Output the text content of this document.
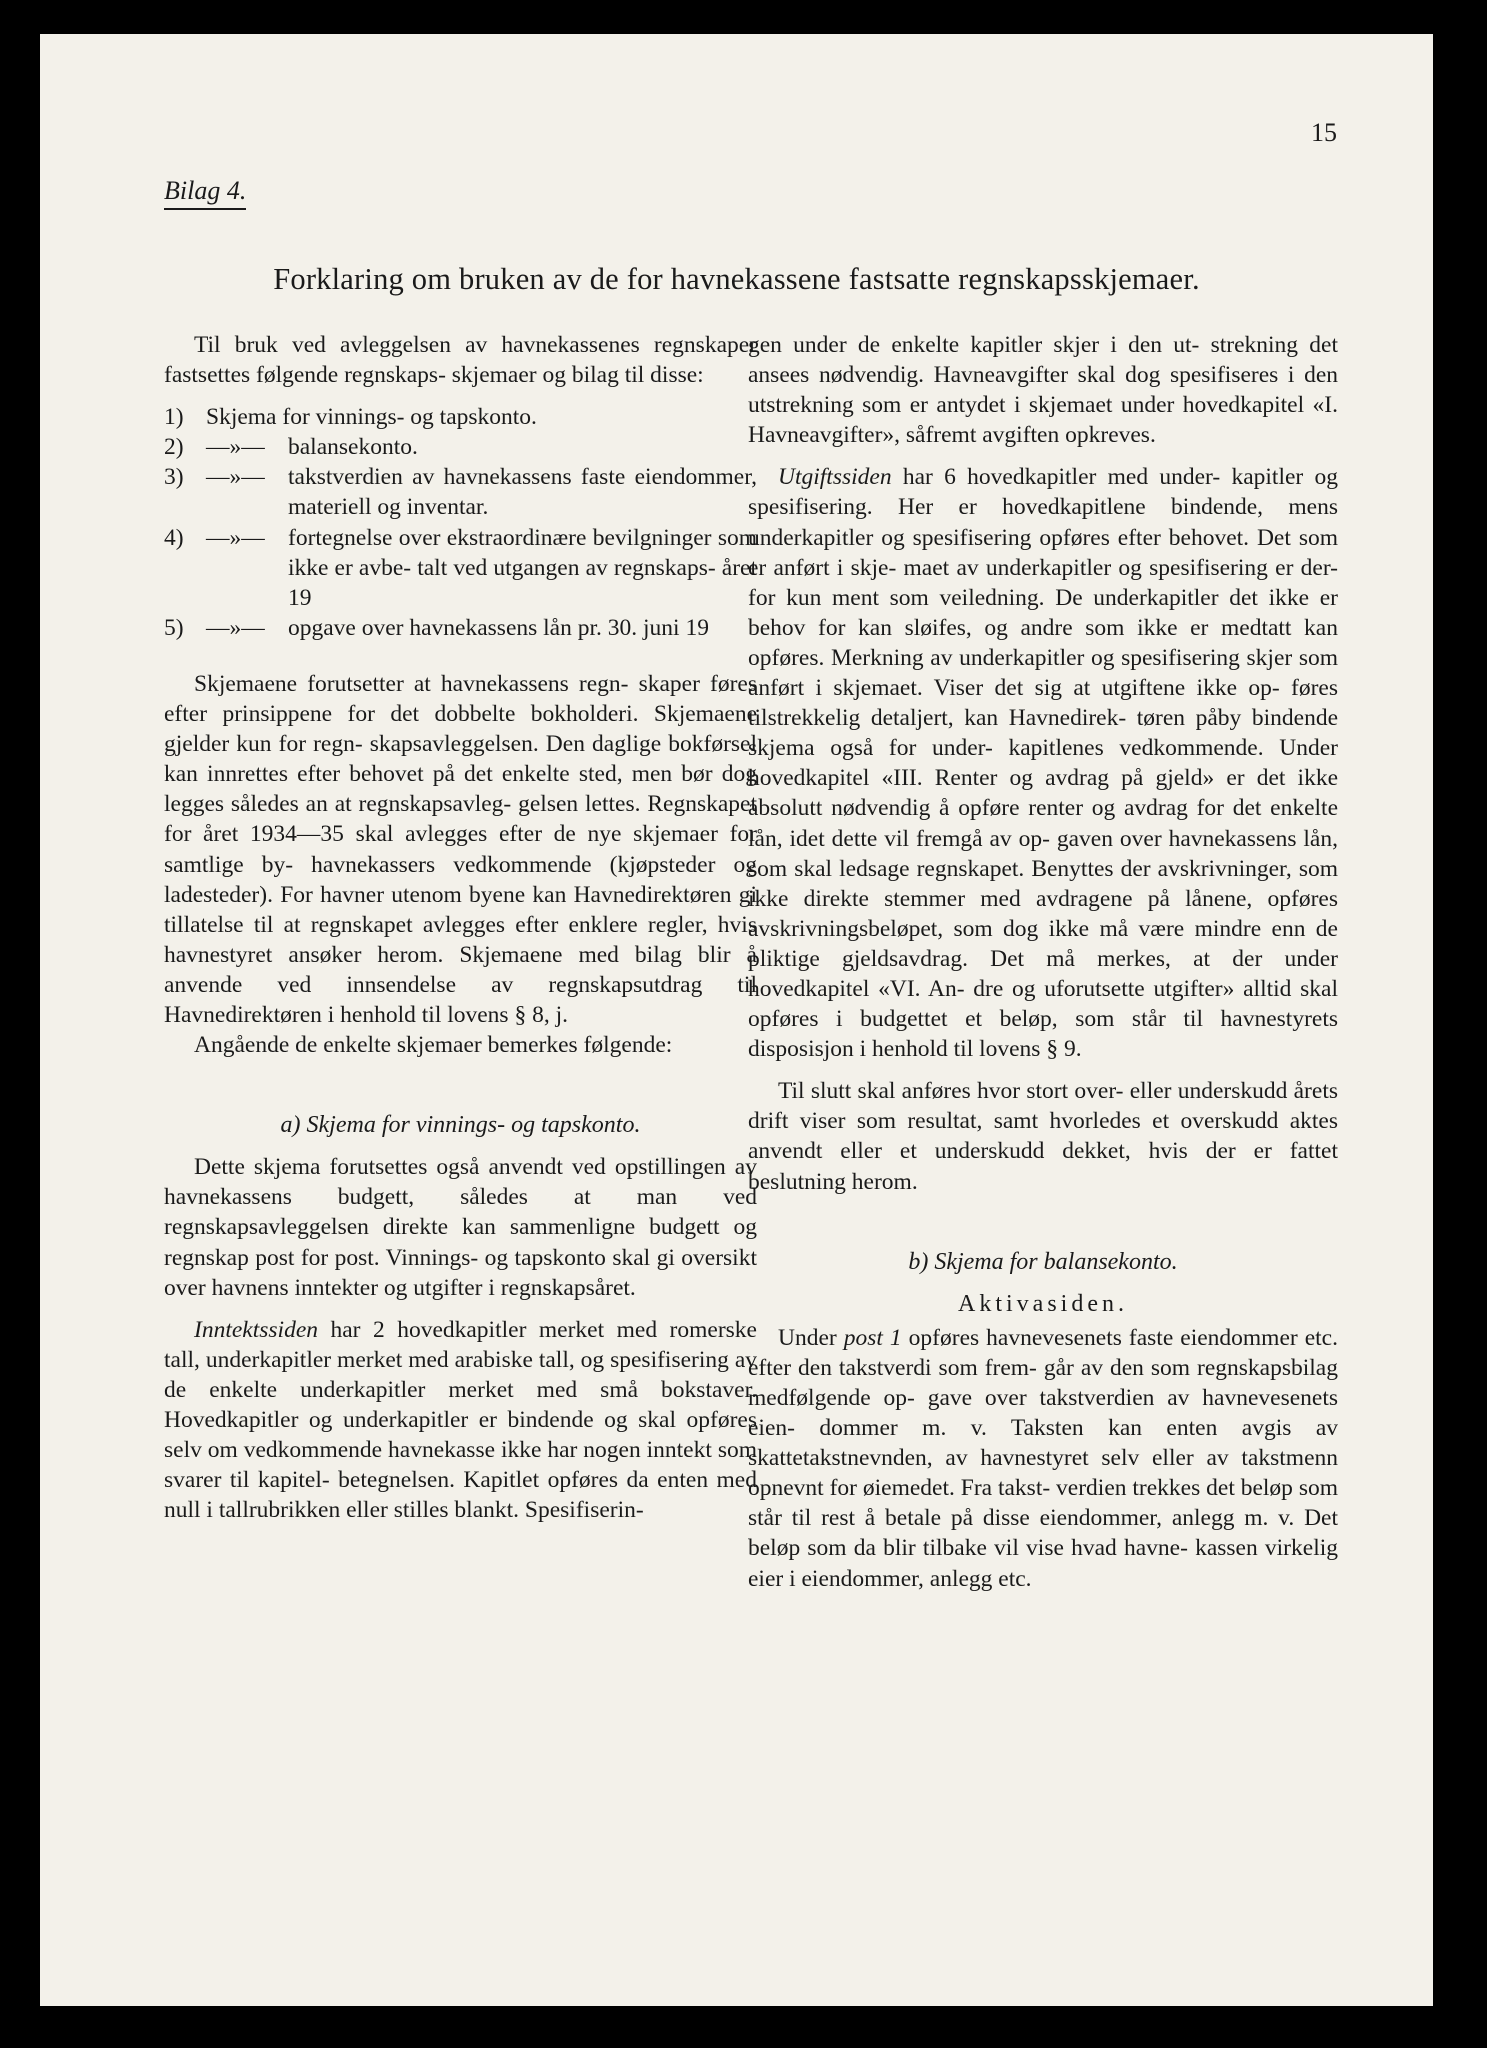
15
Bilag 4.
Forklaring om bruken av de for havnekassene fastsatte regnskapsskjemaer.

Til bruk ved avleggelsen av havnekassenes regnskaper fastsettes følgende regnskaps- skjemaer og bilag til disse:

1) Skjema for vinnings- og tapskonto.
2) —»— balansekonto.
3) —»— takstverdien av havnekassens faste eiendommer, materiell og inventar.
4) —»— fortegnelse over ekstraordinære bevilgninger som ikke er avbe- talt ved utgangen av regnskaps- året 19
5) —»— opgave over havnekassens lån pr. 30. juni 19

Skjemaene forutsetter at havnekassens regn- skaper føres efter prinsippene for det dobbelte bokholderi. Skjemaene gjelder kun for regn- skapsavleggelsen. Den daglige bokførsel kan innrettes efter behovet på det enkelte sted, men bør dog legges således an at regnskapsavleg- gelsen lettes. Regnskapet for året 1934—35 skal avlegges efter de nye skjemaer for samtlige by- havnekassers vedkommende (kjøpsteder og ladesteder). For havner utenom byene kan Havnedirektøren gi tillatelse til at regnskapet avlegges efter enklere regler, hvis havnestyret ansøker herom. Skjemaene med bilag blir å anvende ved innsendelse av regnskapsutdrag til Havnedirektøren i henhold til lovens § 8, j.

Angående de enkelte skjemaer bemerkes følgende:

a) Skjema for vinnings- og tapskonto.

Dette skjema forutsettes også anvendt ved opstillingen av havnekassens budgett, således at man ved regnskapsavleggelsen direkte kan sammenligne budgett og regnskap post for post. Vinnings- og tapskonto skal gi oversikt over havnens inntekter og utgifter i regnskapsåret.

Inntektssiden har 2 hovedkapitler merket med romerske tall, underkapitler merket med arabiske tall, og spesifisering av de enkelte underkapitler merket med små bokstaver. Hovedkapitler og underkapitler er bindende og skal opføres selv om vedkommende havnekasse ikke har nogen inntekt som svarer til kapitel- betegnelsen. Kapitlet opføres da enten med null i tallrubrikken eller stilles blankt. Spesifiserin-

gen under de enkelte kapitler skjer i den ut- strekning det ansees nødvendig. Havneavgifter skal dog spesifiseres i den utstrekning som er antydet i skjemaet under hovedkapitel «I. Havneavgifter», såfremt avgiften opkreves.

Utgiftssiden har 6 hovedkapitler med under- kapitler og spesifisering. Her er hovedkapitlene bindende, mens underkapitler og spesifisering opføres efter behovet. Det som er anført i skje- maet av underkapitler og spesifisering er der- for kun ment som veiledning. De underkapitler det ikke er behov for kan sløifes, og andre som ikke er medtatt kan opføres. Merkning av underkapitler og spesifisering skjer som anført i skjemaet. Viser det sig at utgiftene ikke op- føres tilstrekkelig detaljert, kan Havnedirek- tøren påby bindende skjema også for under- kapitlenes vedkommende. Under hovedkapitel «III. Renter og avdrag på gjeld» er det ikke absolutt nødvendig å opføre renter og avdrag for det enkelte lån, idet dette vil fremgå av op- gaven over havnekassens lån, som skal ledsage regnskapet. Benyttes der avskrivninger, som ikke direkte stemmer med avdragene på lånene, opføres avskrivningsbeløpet, som dog ikke må være mindre enn de pliktige gjeldsavdrag. Det må merkes, at der under hovedkapitel «VI. An- dre og uforutsette utgifter» alltid skal opføres i budgettet et beløp, som står til havnestyrets disposisjon i henhold til lovens § 9.

Til slutt skal anføres hvor stort over- eller underskudd årets drift viser som resultat, samt hvorledes et overskudd aktes anvendt eller et underskudd dekket, hvis der er fattet beslutning herom.

b) Skjema for balansekonto.

Aktivasiden.

Under post 1 opføres havnevesenets faste eiendommer etc. efter den takstverdi som frem- går av den som regnskapsbilag medfølgende op- gave over takstverdien av havnevesenets eien- dommer m. v. Taksten kan enten avgis av skattetakstnevnden, av havnestyret selv eller av takstmenn opnevnt for øiemedet. Fra takst- verdien trekkes det beløp som står til rest å betale på disse eiendommer, anlegg m. v. Det beløp som da blir tilbake vil vise hvad havne- kassen virkelig eier i eiendommer, anlegg etc.
